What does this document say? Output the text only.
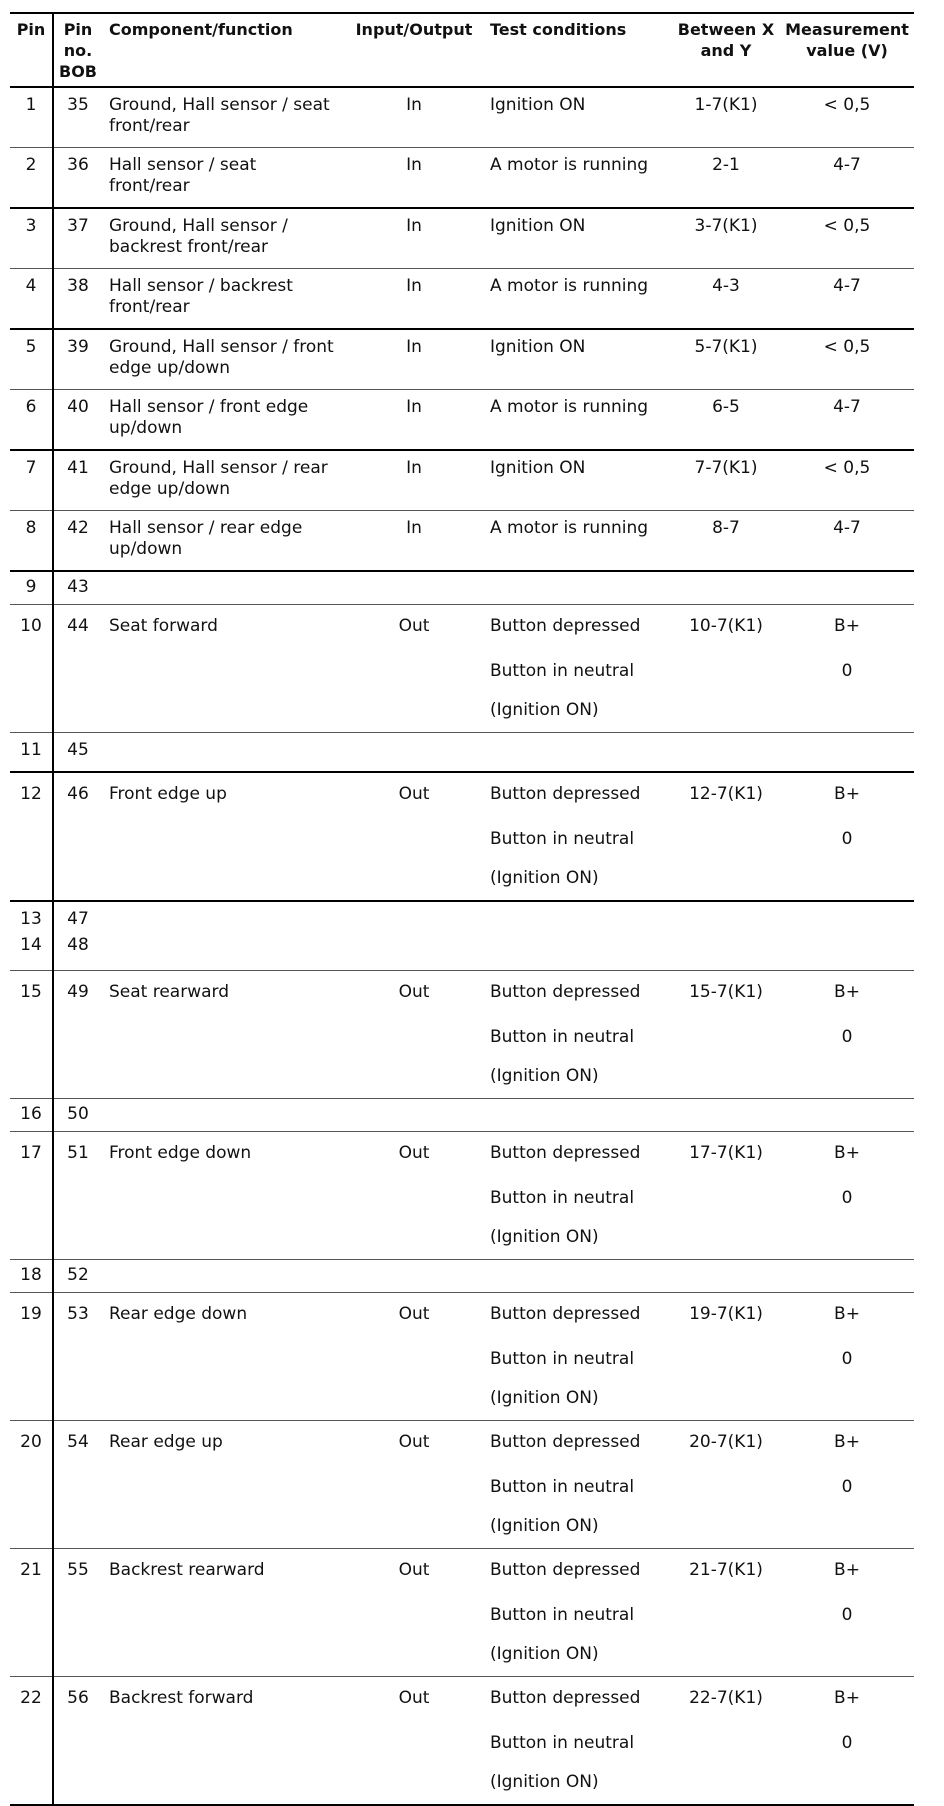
Pin	Pin no. BOB	Component/function	Input/Output	Test conditions	Between X and Y	Measurement value (V)
1	35	Ground, Hall sensor / seat front/rear	In	Ignition ON	1-7(K1)	< 0,5
2	36	Hall sensor / seat front/rear	In	A motor is running	2-1	4-7
3	37	Ground, Hall sensor / backrest front/rear	In	Ignition ON	3-7(K1)	< 0,5
4	38	Hall sensor / backrest front/rear	In	A motor is running	4-3	4-7
5	39	Ground, Hall sensor / front edge up/down	In	Ignition ON	5-7(K1)	< 0,5
6	40	Hall sensor / front edge up/down	In	A motor is running	6-5	4-7
7	41	Ground, Hall sensor / rear edge up/down	In	Ignition ON	7-7(K1)	< 0,5
8	42	Hall sensor / rear edge up/down	In	A motor is running	8-7	4-7
9	43					
10	44	Seat forward	Out	Button depressed	10-7(K1)	B+
				Button in neutral		0
				(Ignition ON)		
11	45					
12	46	Front edge up	Out	Button depressed	12-7(K1)	B+
				Button in neutral		0
				(Ignition ON)		
13	47					
14	48					
15	49	Seat rearward	Out	Button depressed	15-7(K1)	B+
				Button in neutral		0
				(Ignition ON)		
16	50					
17	51	Front edge down	Out	Button depressed	17-7(K1)	B+
				Button in neutral		0
				(Ignition ON)		
18	52					
19	53	Rear edge down	Out	Button depressed	19-7(K1)	B+
				Button in neutral		0
				(Ignition ON)		
20	54	Rear edge up	Out	Button depressed	20-7(K1)	B+
				Button in neutral		0
				(Ignition ON)		
21	55	Backrest rearward	Out	Button depressed	21-7(K1)	B+
				Button in neutral		0
				(Ignition ON)		
22	56	Backrest forward	Out	Button depressed	22-7(K1)	B+
				Button in neutral		0
				(Ignition ON)		
